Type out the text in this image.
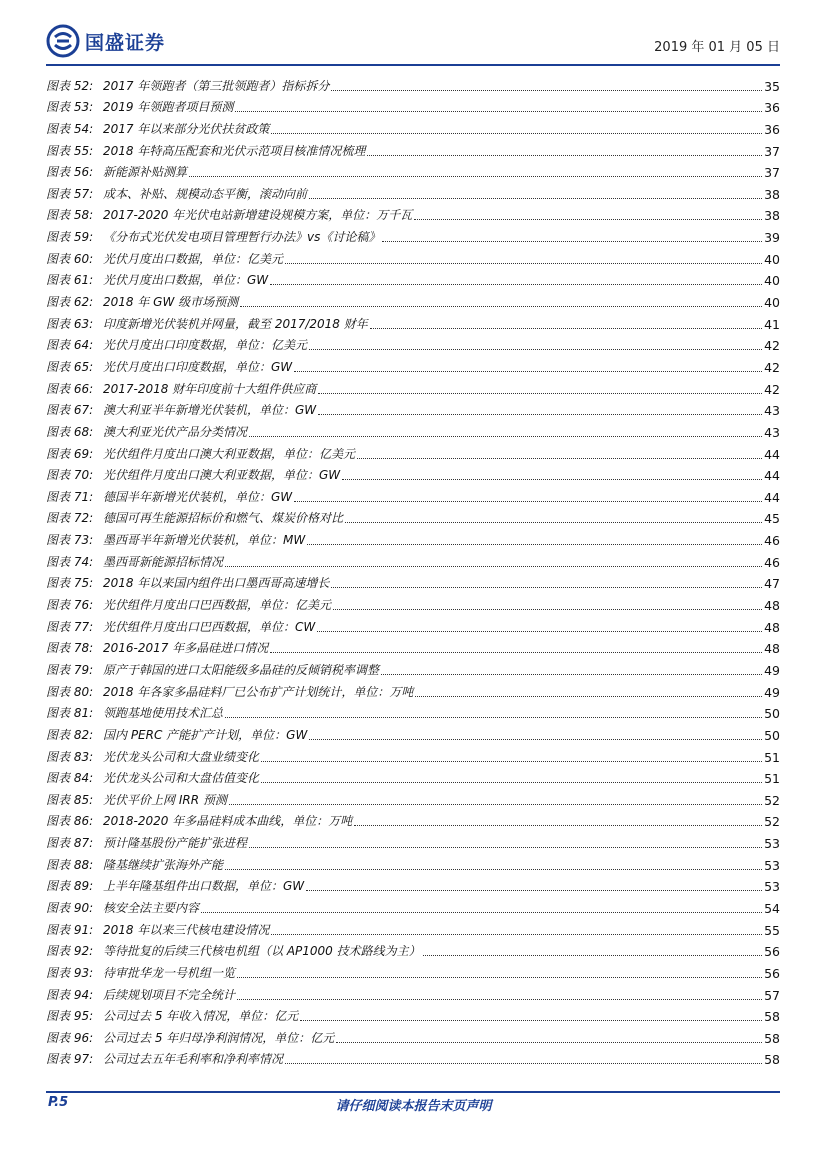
国盛证券	2019 年 01 月 05 日
图表 52: 2017 年领跑者（第三批领跑者）指标拆分	35
图表 53: 2019 年领跑者项目预测	36
图表 54: 2017 年以来部分光伏扶贫政策	36
图表 55: 2018 年特高压配套和光伏示范项目核准情况梳理	37
图表 56: 新能源补贴测算	37
图表 57: 成本、补贴、规模动态平衡，滚动向前	38
图表 58: 2017-2020 年光伏电站新增建设规模方案，单位：万千瓦	38
图表 59: 《分布式光伏发电项目管理暂行办法》vs《讨论稿》	39
图表 60: 光伏月度出口数据，单位：亿美元	40
图表 61: 光伏月度出口数据，单位：GW	40
图表 62: 2018 年 GW 级市场预测	40
图表 63: 印度新增光伏装机并网量，截至 2017/2018 财年	41
图表 64: 光伏月度出口印度数据，单位：亿美元	42
图表 65: 光伏月度出口印度数据，单位：GW	42
图表 66: 2017-2018 财年印度前十大组件供应商	42
图表 67: 澳大利亚半年新增光伏装机，单位：GW	43
图表 68: 澳大利亚光伏产品分类情况	43
图表 69: 光伏组件月度出口澳大利亚数据，单位：亿美元	44
图表 70: 光伏组件月度出口澳大利亚数据，单位：GW	44
图表 71: 德国半年新增光伏装机，单位：GW	44
图表 72: 德国可再生能源招标价和燃气、煤炭价格对比	45
图表 73: 墨西哥半年新增光伏装机，单位：MW	46
图表 74: 墨西哥新能源招标情况	46
图表 75: 2018 年以来国内组件出口墨西哥高速增长	47
图表 76: 光伏组件月度出口巴西数据，单位：亿美元	48
图表 77: 光伏组件月度出口巴西数据，单位：CW	48
图表 78: 2016-2017 年多晶硅进口情况	48
图表 79: 原产于韩国的进口太阳能级多晶硅的反倾销税率调整	49
图表 80: 2018 年各家多晶硅料厂已公布扩产计划统计，单位：万吨	49
图表 81: 领跑基地使用技术汇总	50
图表 82: 国内 PERC 产能扩产计划，单位：GW	50
图表 83: 光伏龙头公司和大盘业绩变化	51
图表 84: 光伏龙头公司和大盘估值变化	51
图表 85: 光伏平价上网 IRR 预测	52
图表 86: 2018-2020 年多晶硅料成本曲线，单位：万吨	52
图表 87: 预计隆基股份产能扩张进程	53
图表 88: 隆基继续扩张海外产能	53
图表 89: 上半年隆基组件出口数据，单位：GW	53
图表 90: 核安全法主要内容	54
图表 91: 2018 年以来三代核电建设情况	55
图表 92: 等待批复的后续三代核电机组（以 AP1000 技术路线为主）	56
图表 93: 待审批华龙一号机组一览	56
图表 94: 后续规划项目不完全统计	57
图表 95: 公司过去 5 年收入情况，单位：亿元	58
图表 96: 公司过去 5 年归母净利润情况，单位：亿元	58
图表 97: 公司过去五年毛利率和净利率情况	58
P.5	请仔细阅读本报告末页声明
